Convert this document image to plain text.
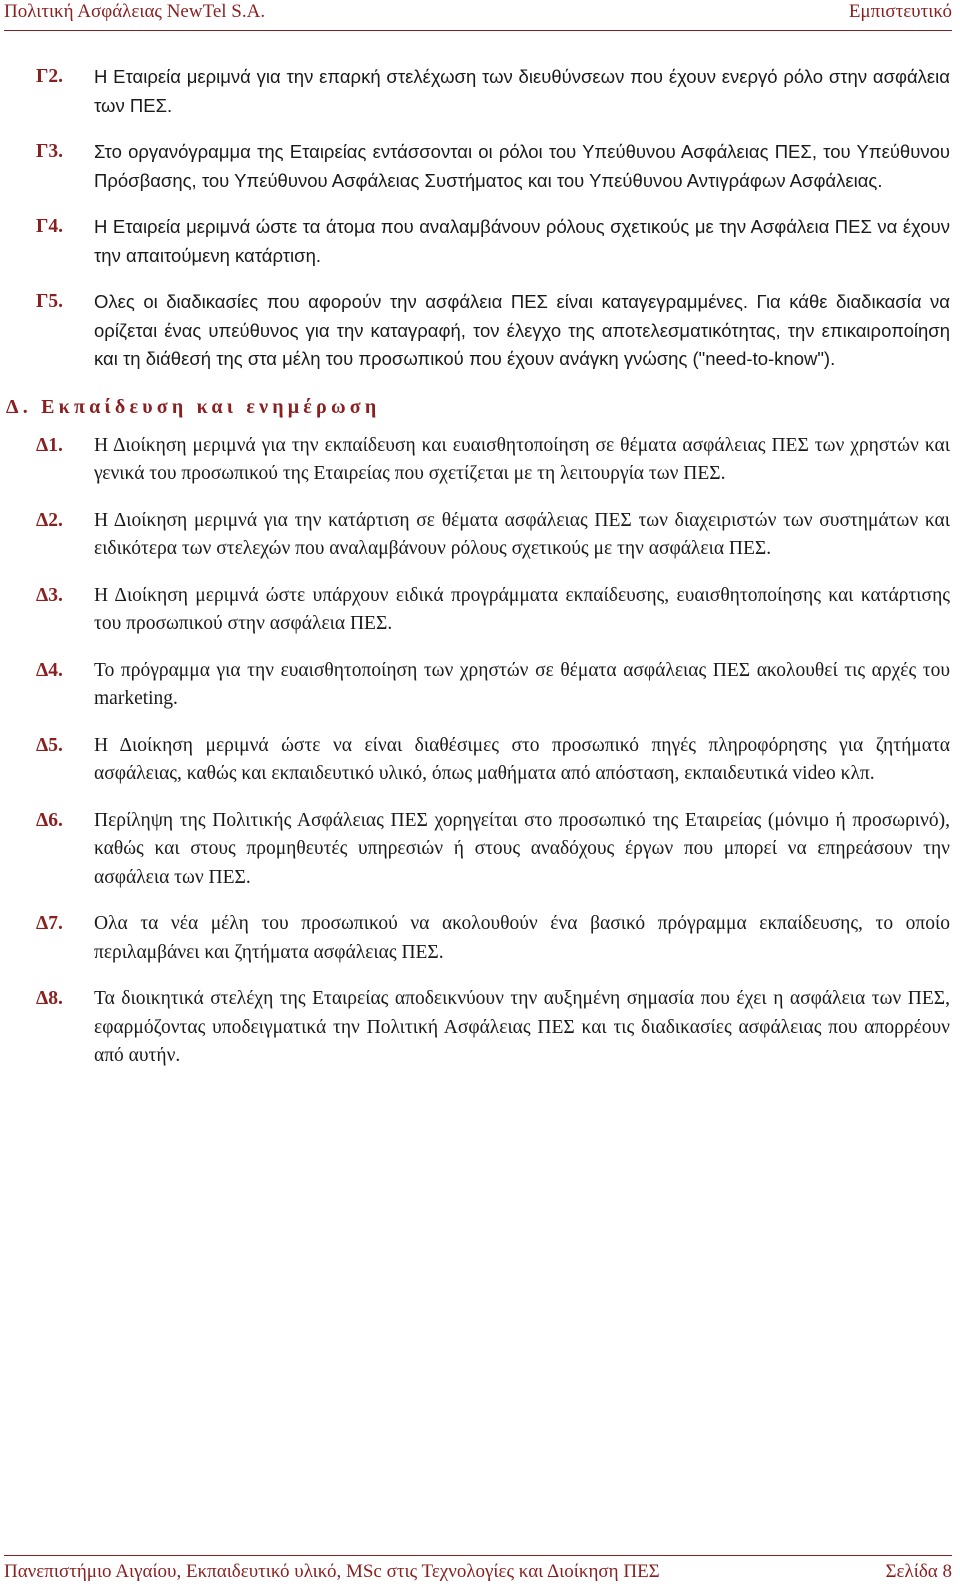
Πολιτική Ασφάλειας NewTel S.A.	Εμπιστευτικό
Γ2. Η Εταιρεία μεριμνά για την επαρκή στελέχωση των διευθύνσεων που έχουν ενεργό ρόλο στην ασφάλεια των ΠΕΣ.
Γ3. Στο οργανόγραμμα της Εταιρείας εντάσσονται οι ρόλοι του Υπεύθυνου Ασφάλειας ΠΕΣ, του Υπεύθυνου Πρόσβασης, του Υπεύθυνου Ασφάλειας Συστήματος και του Υπεύθυνου Αντιγράφων Ασφάλειας.
Γ4. Η Εταιρεία μεριμνά ώστε τα άτομα που αναλαμβάνουν ρόλους σχετικούς με την Ασφάλεια ΠΕΣ να έχουν την απαιτούμενη κατάρτιση.
Γ5. Ολες οι διαδικασίες που αφορούν την ασφάλεια ΠΕΣ είναι καταγεγραμμένες. Για κάθε διαδικασία να ορίζεται ένας υπεύθυνος για την καταγραφή, τον έλεγχο της αποτελεσματικότητας, την επικαιροποίηση και τη διάθεσή της στα μέλη του προσωπικού που έχουν ανάγκη γνώσης ("need-to-know").
Δ. Εκπαίδευση και ενημέρωση
Δ1. Η Διοίκηση μεριμνά για την εκπαίδευση και ευαισθητοποίηση σε θέματα ασφάλειας ΠΕΣ των χρηστών και γενικά του προσωπικού της Εταιρείας που σχετίζεται με τη λειτουργία των ΠΕΣ.
Δ2. Η Διοίκηση μεριμνά για την κατάρτιση σε θέματα ασφάλειας ΠΕΣ των διαχειριστών των συστημάτων και ειδικότερα των στελεχών που αναλαμβάνουν ρόλους σχετικούς με την ασφάλεια ΠΕΣ.
Δ3. Η Διοίκηση μεριμνά ώστε υπάρχουν ειδικά προγράμματα εκπαίδευσης, ευαισθητοποίησης και κατάρτισης του προσωπικού στην ασφάλεια ΠΕΣ.
Δ4. Το πρόγραμμα για την ευαισθητοποίηση των χρηστών σε θέματα ασφάλειας ΠΕΣ ακολουθεί τις αρχές του marketing.
Δ5. Η Διοίκηση μεριμνά ώστε να είναι διαθέσιμες στο προσωπικό πηγές πληροφόρησης για ζητήματα ασφάλειας, καθώς και εκπαιδευτικό υλικό, όπως μαθήματα από απόσταση, εκπαιδευτικά video κλπ.
Δ6. Περίληψη της Πολιτικής Ασφάλειας ΠΕΣ χορηγείται στο προσωπικό της Εταιρείας (μόνιμο ή προσωρινό), καθώς και στους προμηθευτές υπηρεσιών ή στους αναδόχους έργων που μπορεί να επηρεάσουν την ασφάλεια των ΠΕΣ.
Δ7. Ολα τα νέα μέλη του προσωπικού να ακολουθούν ένα βασικό πρόγραμμα εκπαίδευσης, το οποίο περιλαμβάνει και ζητήματα ασφάλειας ΠΕΣ.
Δ8. Τα διοικητικά στελέχη της Εταιρείας αποδεικνύουν την αυξημένη σημασία που έχει η ασφάλεια των ΠΕΣ, εφαρμόζοντας υποδειγματικά την Πολιτική Ασφάλειας ΠΕΣ και τις διαδικασίες ασφάλειας που απορρέουν από αυτήν.
Πανεπιστήμιο Αιγαίου, Εκπαιδευτικό υλικό, MSc στις Τεχνολογίες και Διοίκηση ΠΕΣ	Σελίδα 8
